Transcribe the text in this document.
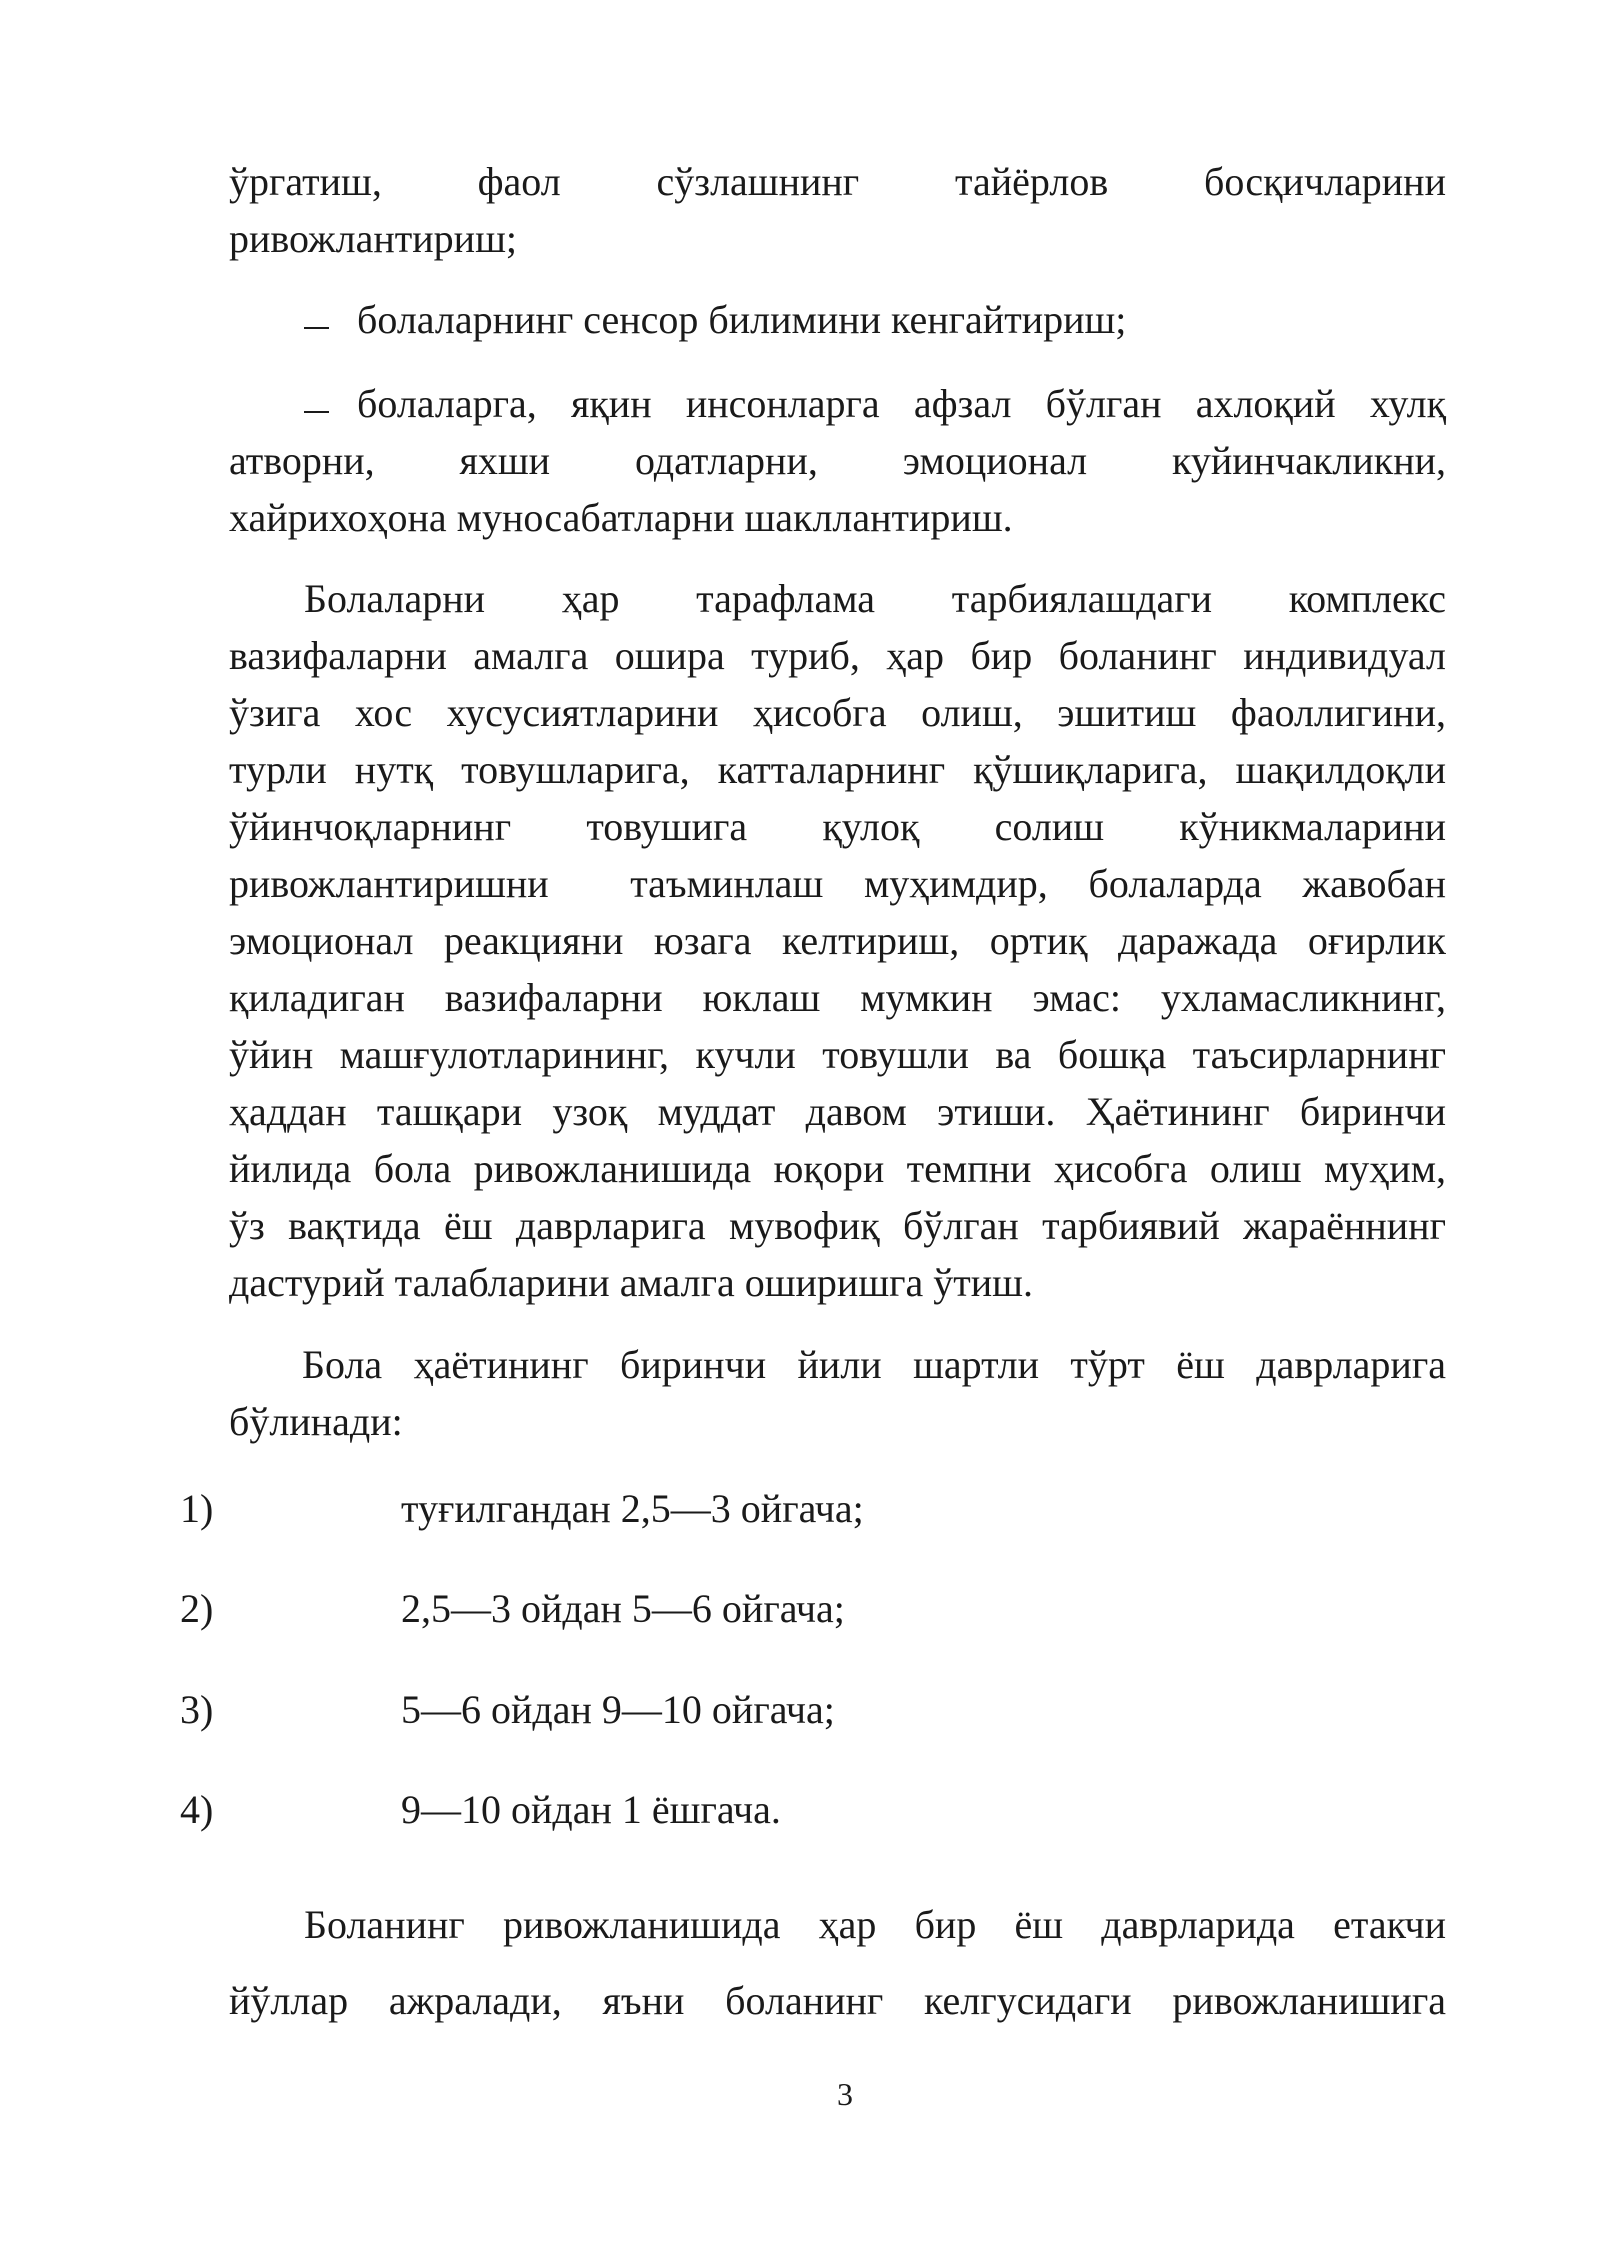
ўргатиш, фаол сўзлашнинг тайёрлов босқичларини
ривожлантириш;
болаларнинг сенсор билимини кенгайтириш;
болаларга, яқин инсонларга афзал бўлган ахлоқий хулқ
атворни, яхши одатларни, эмоционал куйинчакликни,
хайрихоҳона муносабатларни шакллантириш.
Болаларни ҳар тарафлама тарбиялашдаги комплекс
вазифаларни амалга ошира туриб, ҳар бир боланинг индивидуал
ўзига хос хусусиятларини ҳисобга олиш, эшитиш фаоллигини,
турли нутқ товушларига, катталарнинг қўшиқларига, шақилдоқли
ўйинчоқларнинг товушига қулоқ солиш кўникмаларини
ривожлантиришни  таъминлаш муҳимдир, болаларда жавобан
эмоционал реакцияни юзага келтириш, ортиқ даражада оғирлик
қиладиган вазифаларни юклаш мумкин эмас: ухламасликнинг,
ўйин машғулотларининг, кучли товушли ва бошқа таъсирларнинг
ҳаддан ташқари узоқ муддат давом этиши. Ҳаётининг биринчи
йилида бола ривожланишида юқори темпни ҳисобга олиш муҳим,
ўз вақтида ёш даврларига мувофиқ бўлган тарбиявий жараённинг
дастурий талабларини амалга оширишга ўтиш.
Бола ҳаётининг биринчи йили шартли тўрт ёш даврларига
бўлинади:
1)	туғилгандан 2,5—3 ойгача;
2)	2,5—3 ойдан 5—6 ойгача;
3)	5—6 ойдан 9—10 ойгача;
4)	9—10 ойдан 1 ёшгача.
Боланинг ривожланишида ҳар бир ёш даврларида етакчи
йўллар ажралади, яъни боланинг келгусидаги ривожланишига
3
